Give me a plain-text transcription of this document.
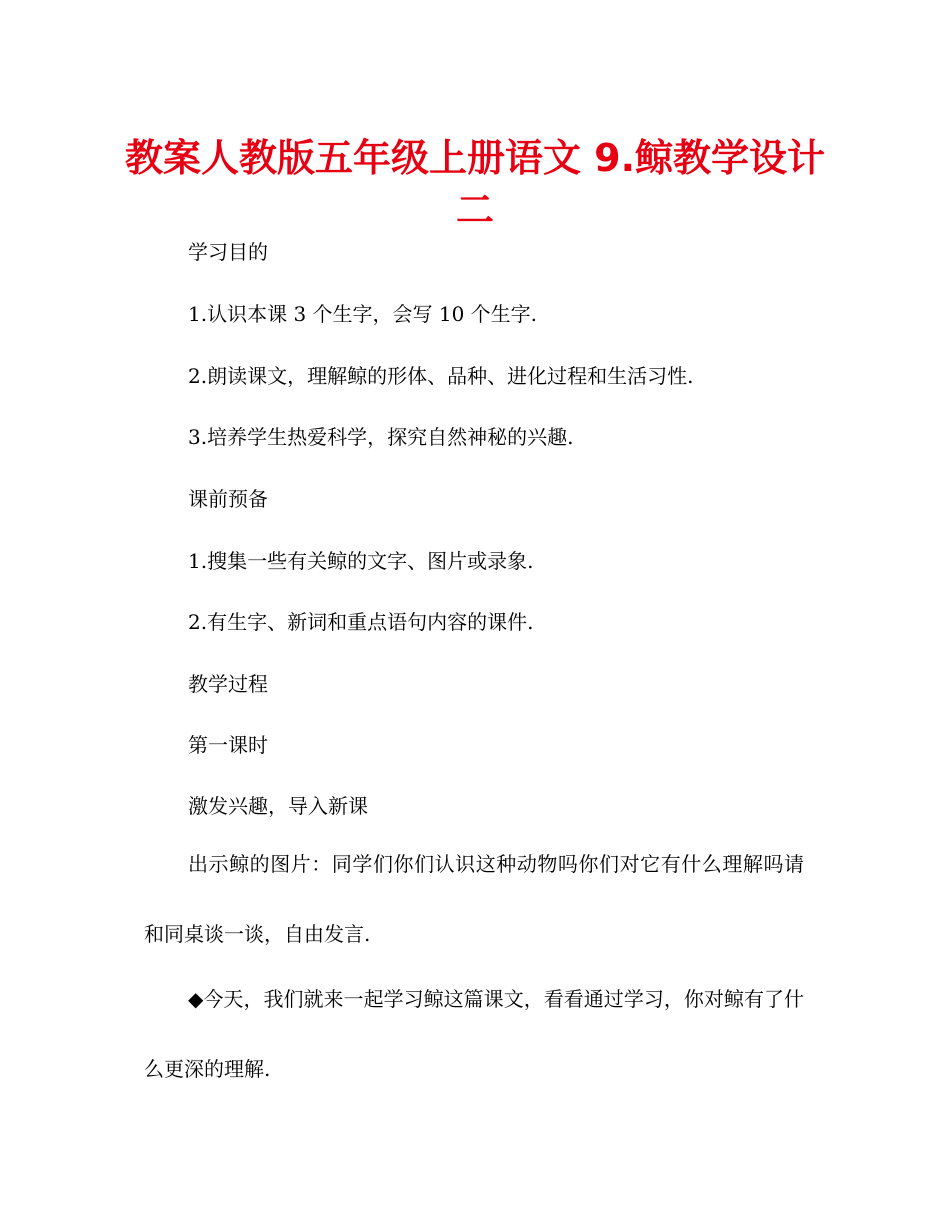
教案人教版五年级上册语文 9.鲸教学设计二

学习目的

1.认识本课 3 个生字，会写 10 个生字.

2.朗读课文，理解鲸的形体、品种、进化过程和生活习性.

3.培养学生热爱科学，探究自然神秘的兴趣.

课前预备

1.搜集一些有关鲸的文字、图片或录象.

2.有生字、新词和重点语句内容的课件.

教学过程

第一课时

激发兴趣，导入新课

出示鲸的图片：同学们你们认识这种动物吗你们对它有什么理解吗请和同桌谈一谈，自由发言.

◆今天，我们就来一起学习鲸这篇课文，看看通过学习，你对鲸有了什么更深的理解.
